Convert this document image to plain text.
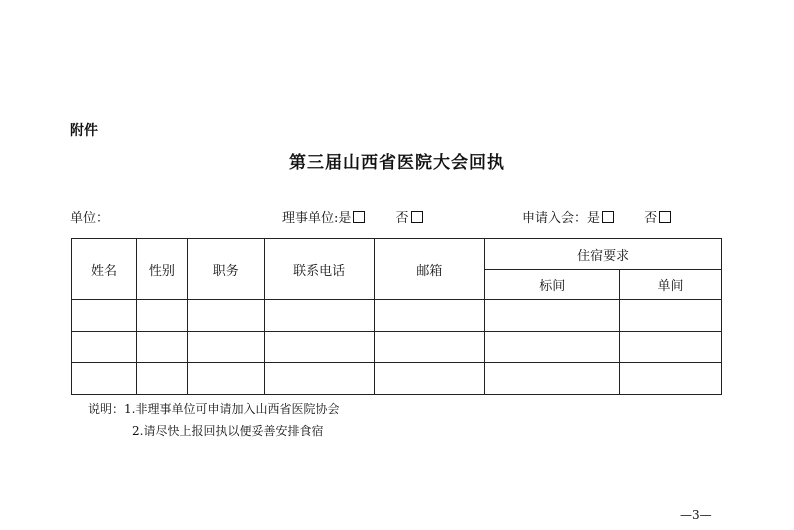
附件
第三届山西省医院大会回执
单位：	理事单位:是	否	申请入会：是	否
姓名	性别	职务	联系电话	邮箱	住宿要求	
					标间	单间

说明：1.非理事单位可申请加入山西省医院协会
2.请尽快上报回执以便妥善安排食宿
—3—
